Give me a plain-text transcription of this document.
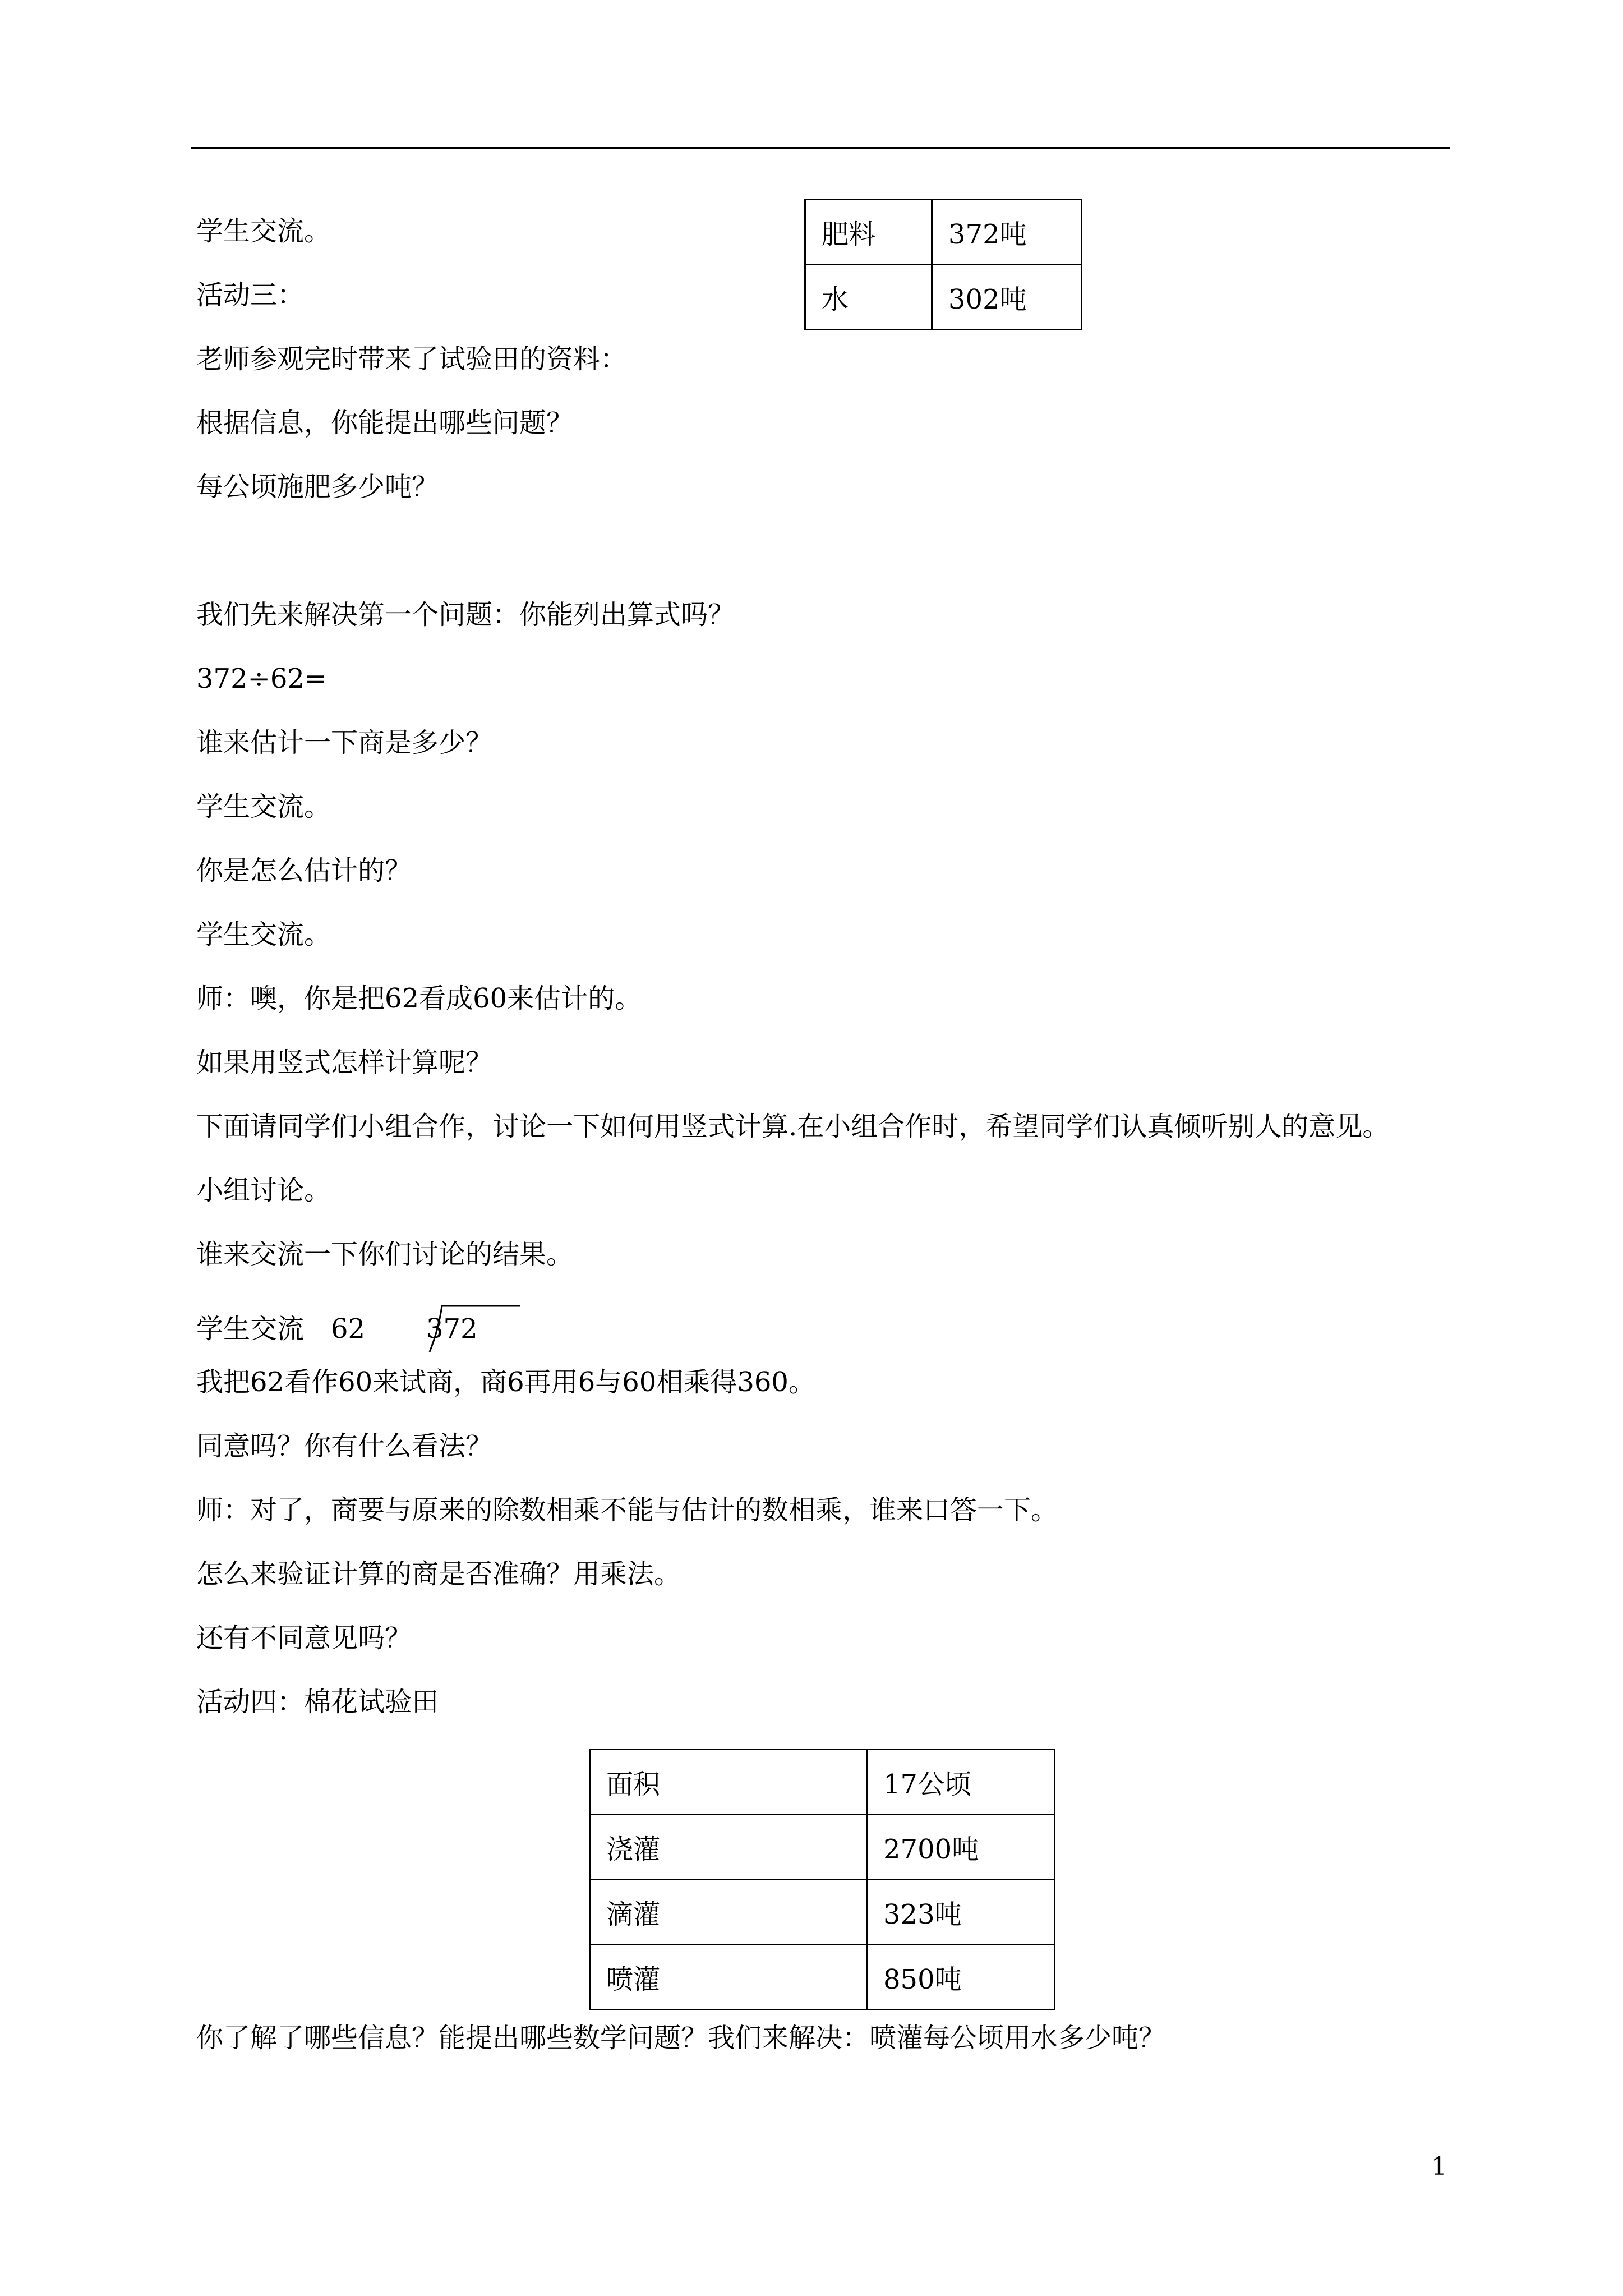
学生交流。
活动三：
老师参观完时带来了试验田的资料：
根据信息，你能提出哪些问题？
每公顷施肥多少吨？
我们先来解决第一个问题：你能列出算式吗？
372÷62=
谁来估计一下商是多少？
学生交流。
你是怎么估计的？
学生交流。
师：噢，你是把62看成60来估计的。
如果用竖式怎样计算呢？
下面请同学们小组合作，讨论一下如何用竖式计算.在小组合作时，希望同学们认真倾听别人的意见。
小组讨论。
谁来交流一下你们讨论的结果。
学生交流　62
我把62看作60来试商，商6再用6与60相乘得360。
同意吗？你有什么看法？
师：对了，商要与原来的除数相乘不能与估计的数相乘，谁来口答一下。
怎么来验证计算的商是否准确？用乘法。
还有不同意见吗？
活动四：棉花试验田
你了解了哪些信息？能提出哪些数学问题？我们来解决：喷灌每公顷用水多少吨？
372
肥料	372吨
水	302吨
面积	17公顷
浇灌	2700吨
滴灌	323吨
喷灌	850吨
1
